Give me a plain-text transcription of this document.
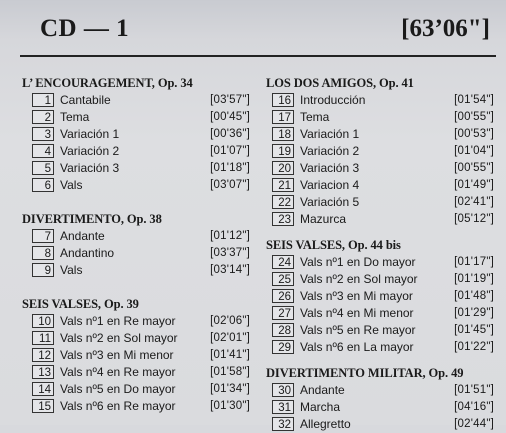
CD — 1	[63’06"]
L’ ENCOURAGEMENT, Op. 34
1 Cantabile	[03'57"]
2 Tema	[00'45"]
3 Variación 1	[00'36"]
4 Variación 2	[01'07"]
5 Variación 3	[01'18"]
6 Vals	[03'07"]
DIVERTIMENTO, Op. 38
7 Andante	[01'12"]
8 Andantino	[03'37"]
9 Vals	[03'14"]
SEIS VALSES, Op. 39
10 Vals nº1 en Re mayor	[02'06"]
11 Vals nº2 en Sol mayor	[02'01"]
12 Vals nº3 en Mi menor	[01'41"]
13 Vals nº4 en Re mayor	[01'58"]
14 Vals nº5 en Do mayor	[01'34"]
15 Vals nº6 en Re mayor	[01'30"]
LOS DOS AMIGOS, Op. 41
16 Introducción	[01'54"]
17 Tema	[00'55"]
18 Variación 1	[00'53"]
19 Variación 2	[01'04"]
20 Variación 3	[00'55"]
21 Variacion 4	[01'49"]
22 Variación 5	[02'41"]
23 Mazurca	[05'12"]
SEIS VALSES, Op. 44 bis
24 Vals nº1 en Do mayor	[01'17"]
25 Vals nº2 en Sol mayor	[01'19"]
26 Vals nº3 en Mi mayor	[01'48"]
27 Vals nº4 en Mi menor	[01'29"]
28 Vals nº5 en Re mayor	[01'45"]
29 Vals nº6 en La mayor	[01'22"]
DIVERTIMENTO MILITAR, Op. 49
30 Andante	[01'51"]
31 Marcha	[04'16"]
32 Allegretto	[02'44"]
